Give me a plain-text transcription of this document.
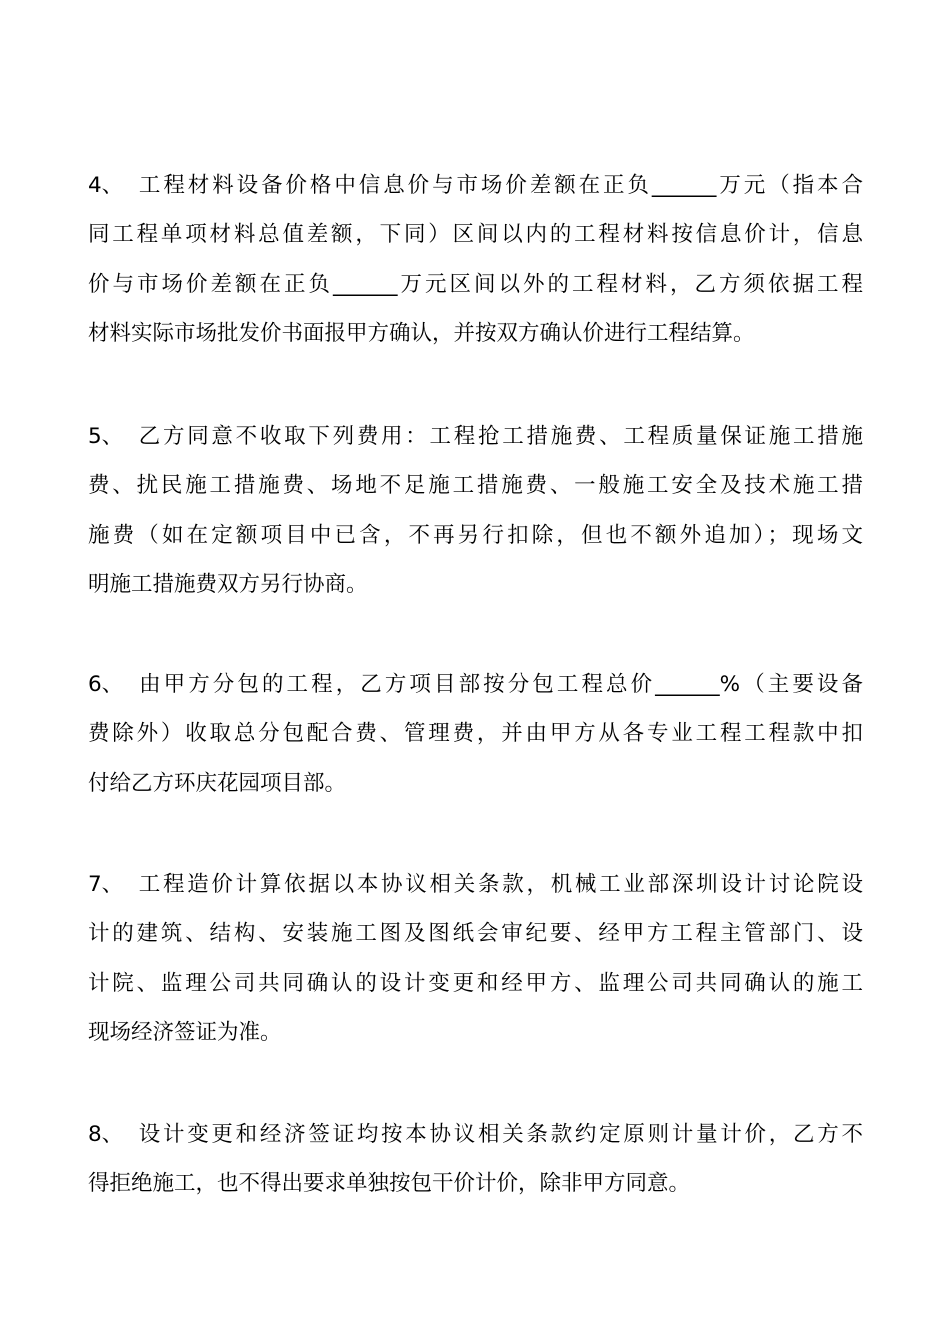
4、 工程材料设备价格中信息价与市场价差额在正负______万元（指本合
同工程单项材料总值差额，下同）区间以内的工程材料按信息价计，信息
价与市场价差额在正负______万元区间以外的工程材料，乙方须依据工程
材料实际市场批发价书面报甲方确认，并按双方确认价进行工程结算。
5、 乙方同意不收取下列费用：工程抢工措施费、工程质量保证施工措施
费、扰民施工措施费、场地不足施工措施费、一般施工安全及技术施工措
施费（如在定额项目中已含，不再另行扣除，但也不额外追加）；现场文
明施工措施费双方另行协商。
6、 由甲方分包的工程，乙方项目部按分包工程总价______%（主要设备
费除外）收取总分包配合费、管理费，并由甲方从各专业工程工程款中扣
付给乙方环庆花园项目部。
7、 工程造价计算依据以本协议相关条款，机械工业部深圳设计讨论院设
计的建筑、结构、安装施工图及图纸会审纪要、经甲方工程主管部门、设
计院、监理公司共同确认的设计变更和经甲方、监理公司共同确认的施工
现场经济签证为准。
8、 设计变更和经济签证均按本协议相关条款约定原则计量计价，乙方不
得拒绝施工，也不得出要求单独按包干价计价，除非甲方同意。
